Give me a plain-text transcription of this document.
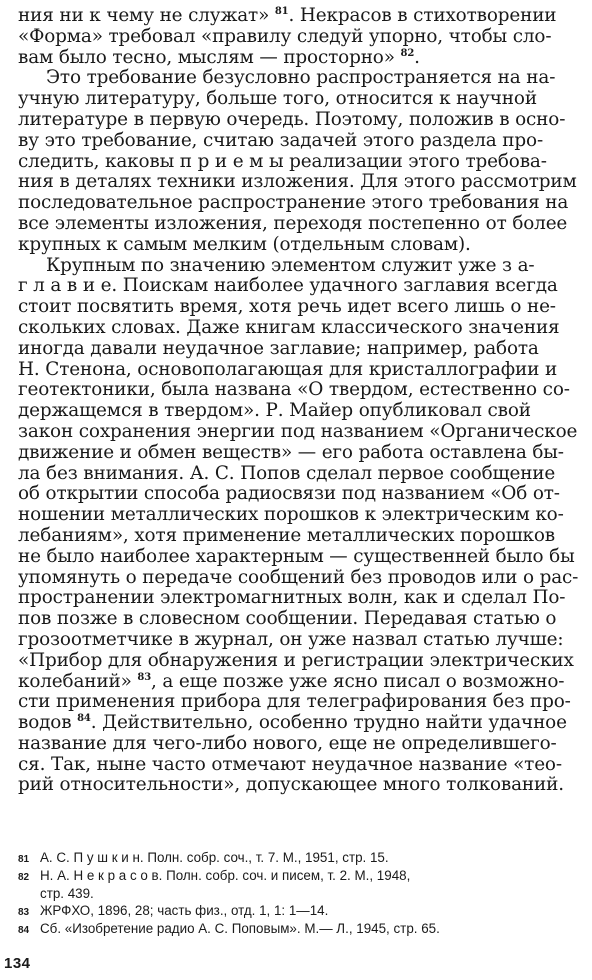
ния ни к чему не служат» $^{81}$. Некрасов в стихотворении
«Форма» требовал «правилу следуй упорно, чтобы сло-
вам было тесно, мыслям — просторно» $^{82}$.
Это требование безусловно распространяется на на-
учную литературу, больше того, относится к научной
литературе в первую очередь. Поэтому, положив в осно-
ву это требование, считаю задачей этого раздела про-
следить, каковы п р и е м ы реализации этого требова-
ния в деталях техники изложения. Для этого рассмотрим
последовательное распространение этого требования на
все элементы изложения, переходя постепенно от более
крупных к самым мелким (отдельным словам).
Крупным по значению элементом служит уже з а-
г л а в и е. Поискам наиболее удачного заглавия всегда
стоит посвятить время, хотя речь идет всего лишь о не-
скольких словах. Даже книгам классического значения
иногда давали неудачное заглавие; например, работа
Н. Стенона, основополагающая для кристаллографии и
геотектоники, была названа «О твердом, естественно со-
держащемся в твердом». Р. Майер опубликовал свой
закон сохранения энергии под названием «Органическое
движение и обмен веществ» — его работа оставлена бы-
ла без внимания. А. С. Попов сделал первое сообщение
об открытии способа радиосвязи под названием «Об от-
ношении металлических порошков к электрическим ко-
лебаниям», хотя применение металлических порошков
не было наиболее характерным — существенней было бы
упомянуть о передаче сообщений без проводов или о рас-
пространении электромагнитных волн, как и сделал По-
пов позже в словесном сообщении. Передавая статью о
грозоотметчике в журнал, он уже назвал статью лучше:
«Прибор для обнаружения и регистрации электрических
колебаний» $^{83}$, а еще позже уже ясно писал о возможно-
сти применения прибора для телеграфирования без про-
водов $^{84}$. Действительно, особенно трудно найти удачное
название для чего-либо нового, еще не определившего-
ся. Так, ныне часто отмечают неудачное название «тео-
рий относительности», допускающее много толкований.
81 А. С. П у ш к и н. Полн. собр. соч., т. 7. М., 1951, стр. 15.
82 Н. А. Н е к р а с о в. Полн. собр. соч. и писем, т. 2. М., 1948,
стр. 439.
83 ЖРФХО, 1896, 28; часть физ., отд. 1, 1: 1—14.
84 Сб. «Изобретение радио А. С. Поповым». М.— Л., 1945, стр. 65.
134
